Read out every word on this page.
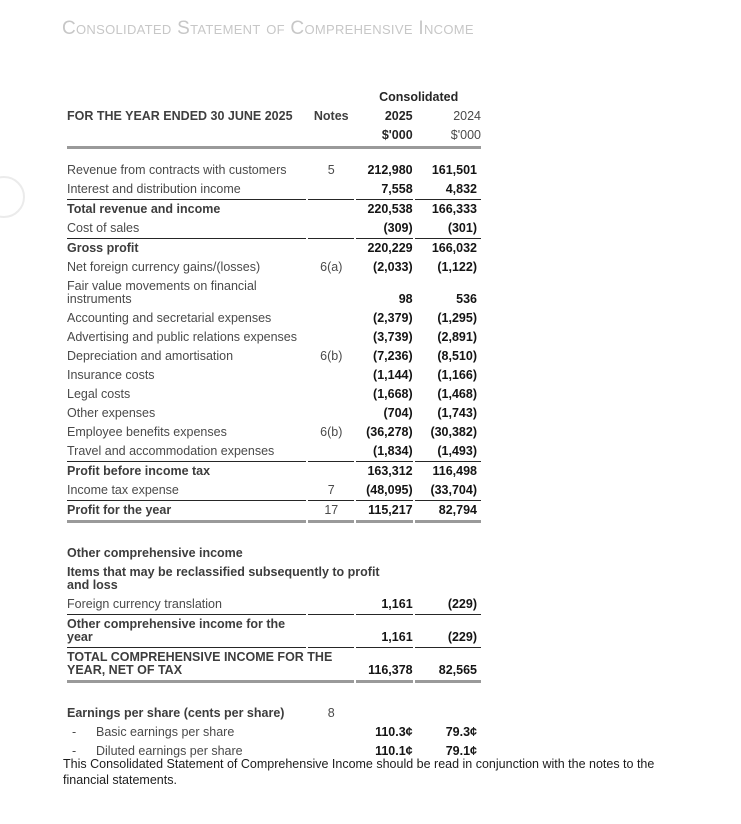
Consolidated Statement of Comprehensive Income
		Consolidated	
FOR THE YEAR ENDED 30 JUNE 2025	Notes	2025	2024
		$'000	$'000

Revenue from contracts with customers	5	212,980	161,501
Interest and distribution income		7,558	4,832
Total revenue and income		220,538	166,333
Cost of sales		(309)	(301)
Gross profit		220,229	166,032
Net foreign currency gains/(losses)	6(a)	(2,033)	(1,122)
Fair value movements on financial instruments		98	536
Accounting and secretarial expenses		(2,379)	(1,295)
Advertising and public relations expenses		(3,739)	(2,891)
Depreciation and amortisation	6(b)	(7,236)	(8,510)
Insurance costs		(1,144)	(1,166)
Legal costs		(1,668)	(1,468)
Other expenses		(704)	(1,743)
Employee benefits expenses	6(b)	(36,278)	(30,382)
Travel and accommodation expenses		(1,834)	(1,493)
Profit before income tax		163,312	116,498
Income tax expense	7	(48,095)	(33,704)
Profit for the year	17	115,217	82,794

Other comprehensive income			

Items that may be reclassified subsequently to profit and loss			

Foreign currency translation		1,161	(229)
Other comprehensive income for the year		1,161	(229)
TOTAL COMPREHENSIVE INCOME FOR THE YEAR, NET OF TAX		116,378	82,565

Earnings per share (cents per share)	8		
- Basic earnings per share		110.3¢	79.3¢
- Diluted earnings per share		110.1¢	79.1¢

This Consolidated Statement of Comprehensive Income should be read in conjunction with the notes to the financial statements.
